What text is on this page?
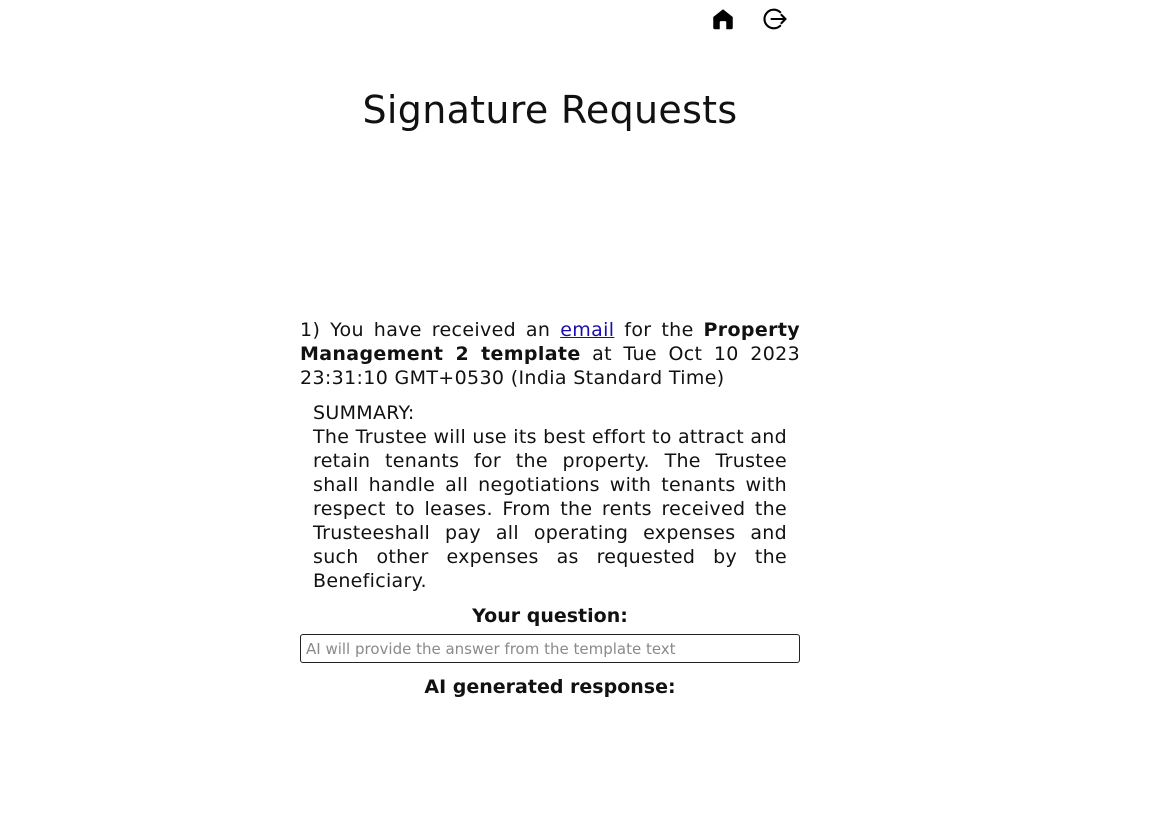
Signature Requests

1) You have received an email for the Property Management 2 template at Tue Oct 10 2023 23:31:10 GMT+0530 (India Standard Time)

SUMMARY:
The Trustee will use its best effort to attract and retain tenants for the property. The Trustee shall handle all negotiations with tenants with respect to leases. From the rents received the Trusteeshall pay all operating expenses and such other expenses as requested by the Beneficiary.
Your question:
AI will provide the answer from the template text
AI generated response:
